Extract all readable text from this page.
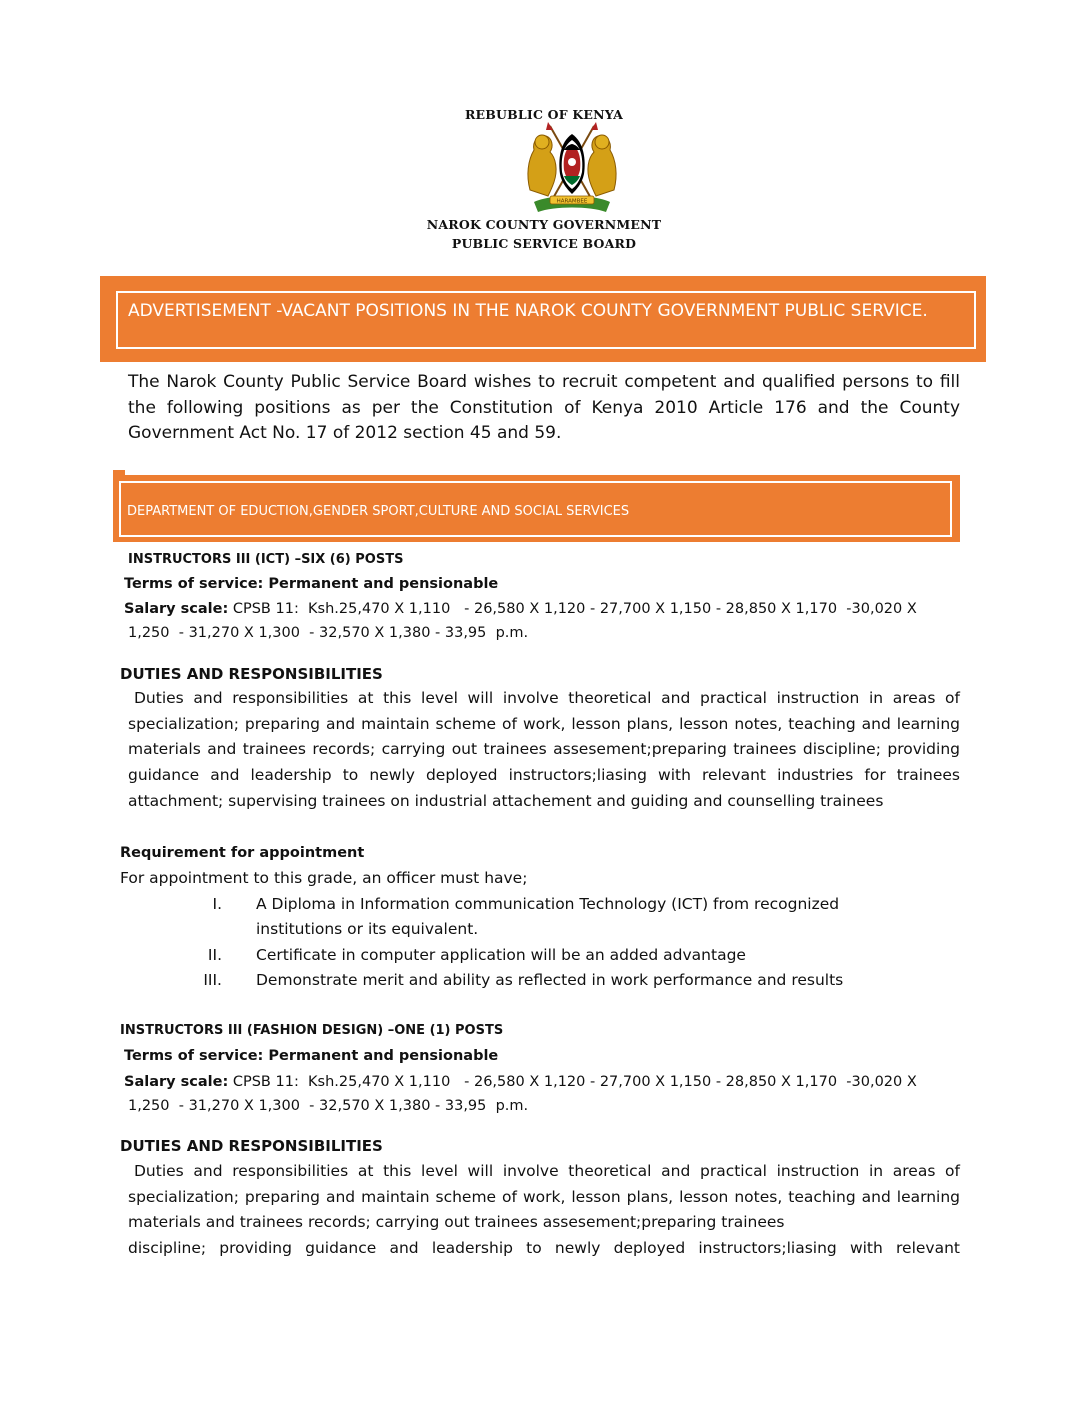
REBUBLIC OF KENYA
HARAMBEE
NAROK COUNTY GOVERNMENT
PUBLIC SERVICE BOARD
ADVERTISEMENT -VACANT POSITIONS IN THE NAROK COUNTY GOVERNMENT PUBLIC SERVICE.
The Narok County Public Service Board wishes to recruit competent and qualified persons to fill the following positions as per the Constitution of Kenya 2010 Article 176 and the County Government Act No. 17 of 2012 section 45 and 59.
DEPARTMENT OF EDUCTION,GENDER SPORT,CULTURE AND SOCIAL SERVICES
INSTRUCTORS III (ICT) –SIX (6) POSTS
Terms of service: Permanent and pensionable
Salary scale: CPSB 11:  Ksh.25,470 X 1,110   - 26,580 X 1,120 - 27,700 X 1,150 - 28,850 X 1,170  -30,020 X
1,250  - 31,270 X 1,300  - 32,570 X 1,380 - 33,95  p.m.
DUTIES AND RESPONSIBILITIES
Duties and responsibilities at this level will involve theoretical and practical instruction in areas of specialization; preparing and maintain scheme of work, lesson plans, lesson notes, teaching and learning materials and trainees records; carrying out trainees assesement;preparing trainees discipline; providing guidance and leadership to newly deployed instructors;liasing with relevant industries for trainees attachment; supervising trainees on industrial attachement and guiding and counselling trainees
Requirement for appointment
For appointment to this grade, an officer must have;
I. A Diploma in Information communication Technology (ICT) from recognized
institutions or its equivalent.
II. Certificate in computer application will be an added advantage
III. Demonstrate merit and ability as reflected in work performance and results
INSTRUCTORS III (FASHION DESIGN) –ONE (1) POSTS
Terms of service: Permanent and pensionable
Salary scale: CPSB 11:  Ksh.25,470 X 1,110   - 26,580 X 1,120 - 27,700 X 1,150 - 28,850 X 1,170  -30,020 X
1,250  - 31,270 X 1,300  - 32,570 X 1,380 - 33,95  p.m.
DUTIES AND RESPONSIBILITIES
Duties and responsibilities at this level will involve theoretical and practical instruction in areas of specialization; preparing and maintain scheme of work, lesson plans, lesson notes, teaching and learning materials and trainees records; carrying out trainees assesement;preparing trainees
discipline; providing guidance and leadership to newly deployed instructors;liasing with relevant
